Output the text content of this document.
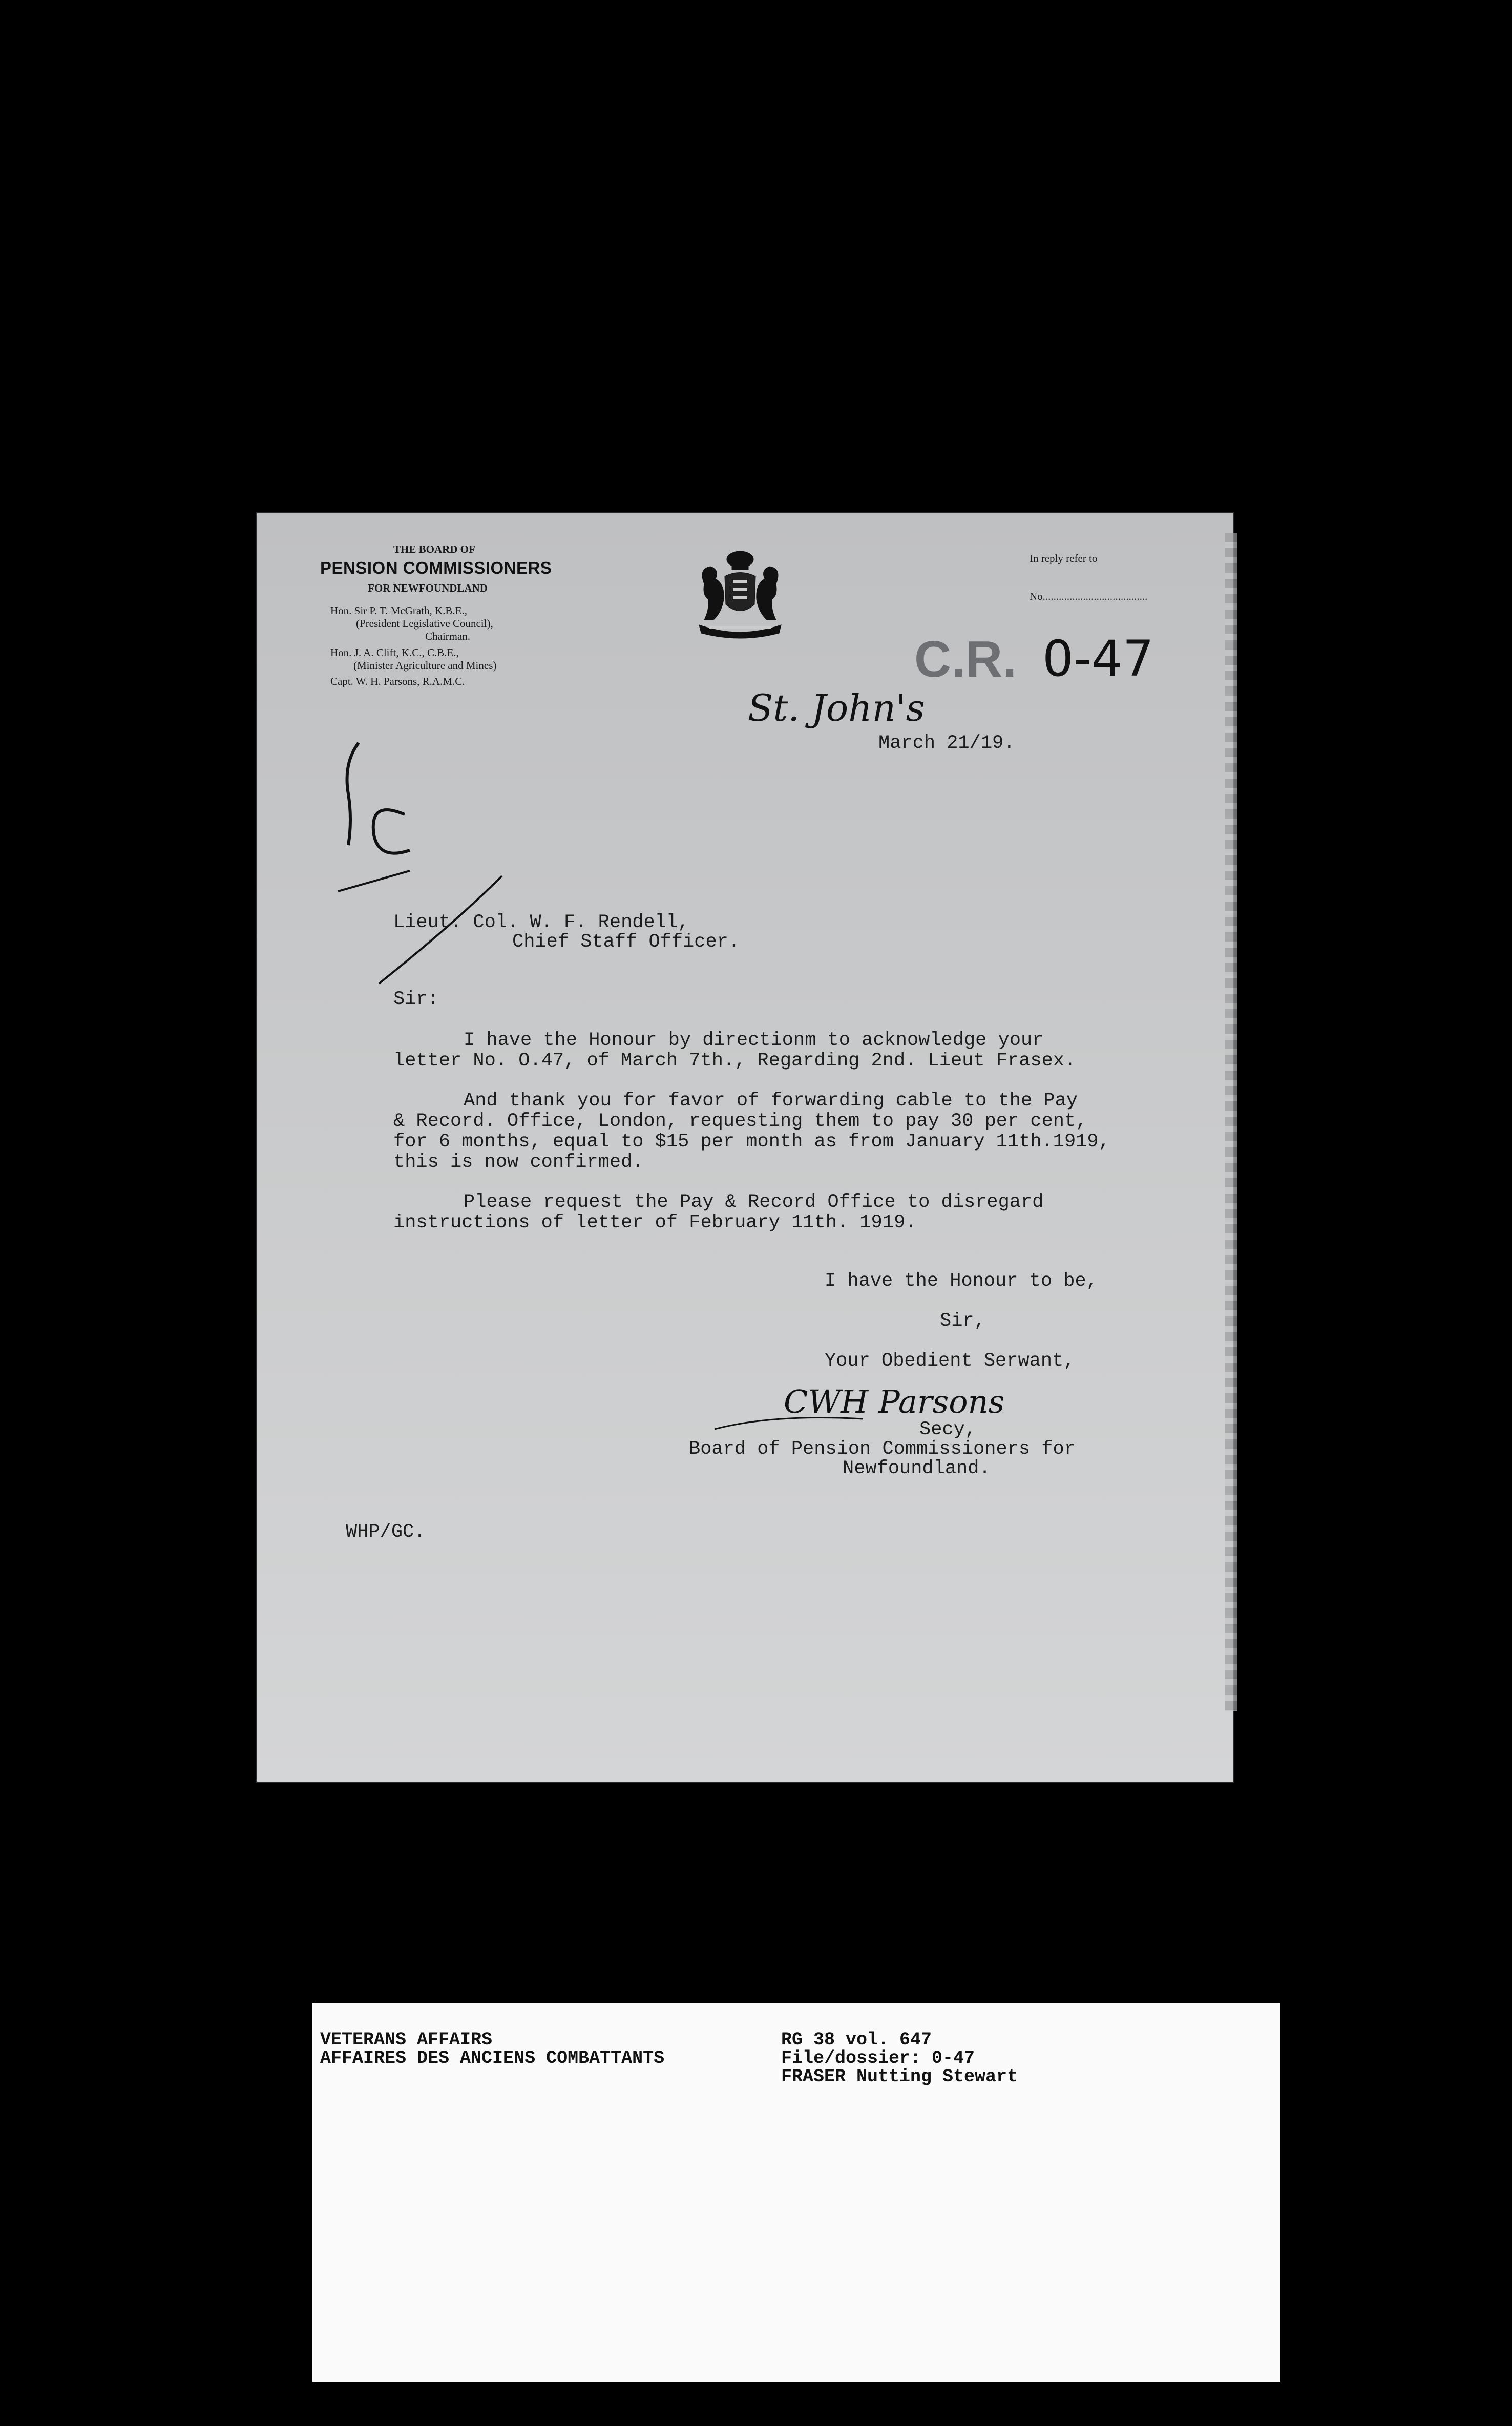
THE BOARD OF
PENSION COMMISSIONERS
FOR NEWFOUNDLAND
Hon. Sir P. T. McGrath, K.B.E.,
(President Legislative Council),
Chairman.
Hon. J. A. Clift, K.C., C.B.E.,
(Minister Agriculture and Mines)
Capt. W. H. Parsons, R.A.M.C.
In reply refer to
No.......................................
C.R. 0-47
St. John's
March 21/19.
Lieut. Col. W. F. Rendell,
Chief Staff Officer.
Sir:
I have the Honour by directionm to acknowledge your
letter No. O.47, of March 7th., Regarding 2nd. Lieut Frasex.
And thank you for favor of forwarding cable to the Pay
& Record. Office, London, requesting them to pay 30 per cent,
for 6 months, equal to $15 per month as from January 11th.1919,
this is now confirmed.
Please request the Pay & Record Office to disregard
instructions of letter of February 11th. 1919.
I have the Honour to be,
Sir,
Your Obedient Serwant,
CWH Parsons
Secy,
Board of Pension Commissioners for
Newfoundland.
WHP/GC.
VETERANS AFFAIRS
AFFAIRES DES ANCIENS COMBATTANTS
RG 38 vol. 647
File/dossier: 0-47
FRASER Nutting Stewart
